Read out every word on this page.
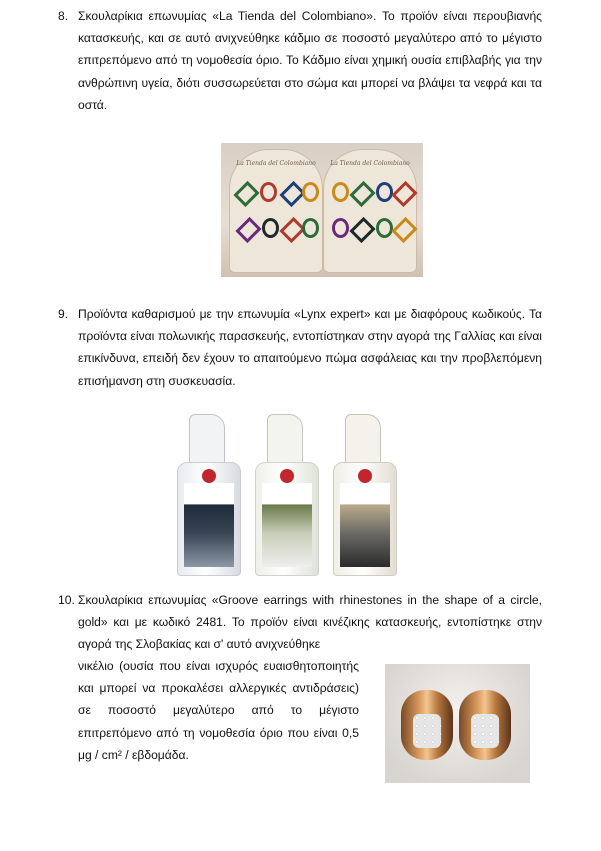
8. Σκουλαρίκια επωνυμίας «La Tienda del Colombiano». Το προϊόν είναι περουβιανής κατασκευής, και σε αυτό ανιχνεύθηκε κάδμιο σε ποσοστό μεγαλύτερο από το μέγιστο επιτρεπόμενο από τη νομοθεσία όριο. Το Κάδμιο είναι χημική ουσία επιβλαβής για την ανθρώπινη υγεία, διότι συσσωρεύεται στο σώμα και μπορεί να βλάψει τα νεφρά και τα οστά.
La Tienda del Colombiano	La Tienda del Colombiano
9. Προϊόντα καθαρισμού με την επωνυμία «Lynx expert» και με διαφόρους κωδικούς. Τα προϊόντα είναι πολωνικής παρασκευής, εντοπίστηκαν στην αγορά της Γαλλίας και είναι επικίνδυνα, επειδή δεν έχουν το απαιτούμενο πώμα ασφάλειας και την προβλεπόμενη επισήμανση στη συσκευασία.
10. Σκουλαρίκια επωνυμίας «Groove earrings with rhinestones in the shape of a circle, gold» και με κωδικό 2481. Το προϊόν είναι κινέζικης κατασκευής, εντοπίστηκε στην αγορά της Σλοβακίας και σ' αυτό ανιχνεύθηκε
νικέλιο (ουσία που είναι ισχυρός ευαισθητοποιητής και μπορεί να προκαλέσει αλλεργικές αντιδράσεις) σε ποσοστό μεγαλύτερο από το μέγιστο επιτρεπόμενο από τη νομοθεσία όριο που είναι 0,5 μg / cm² / εβδομάδα.
